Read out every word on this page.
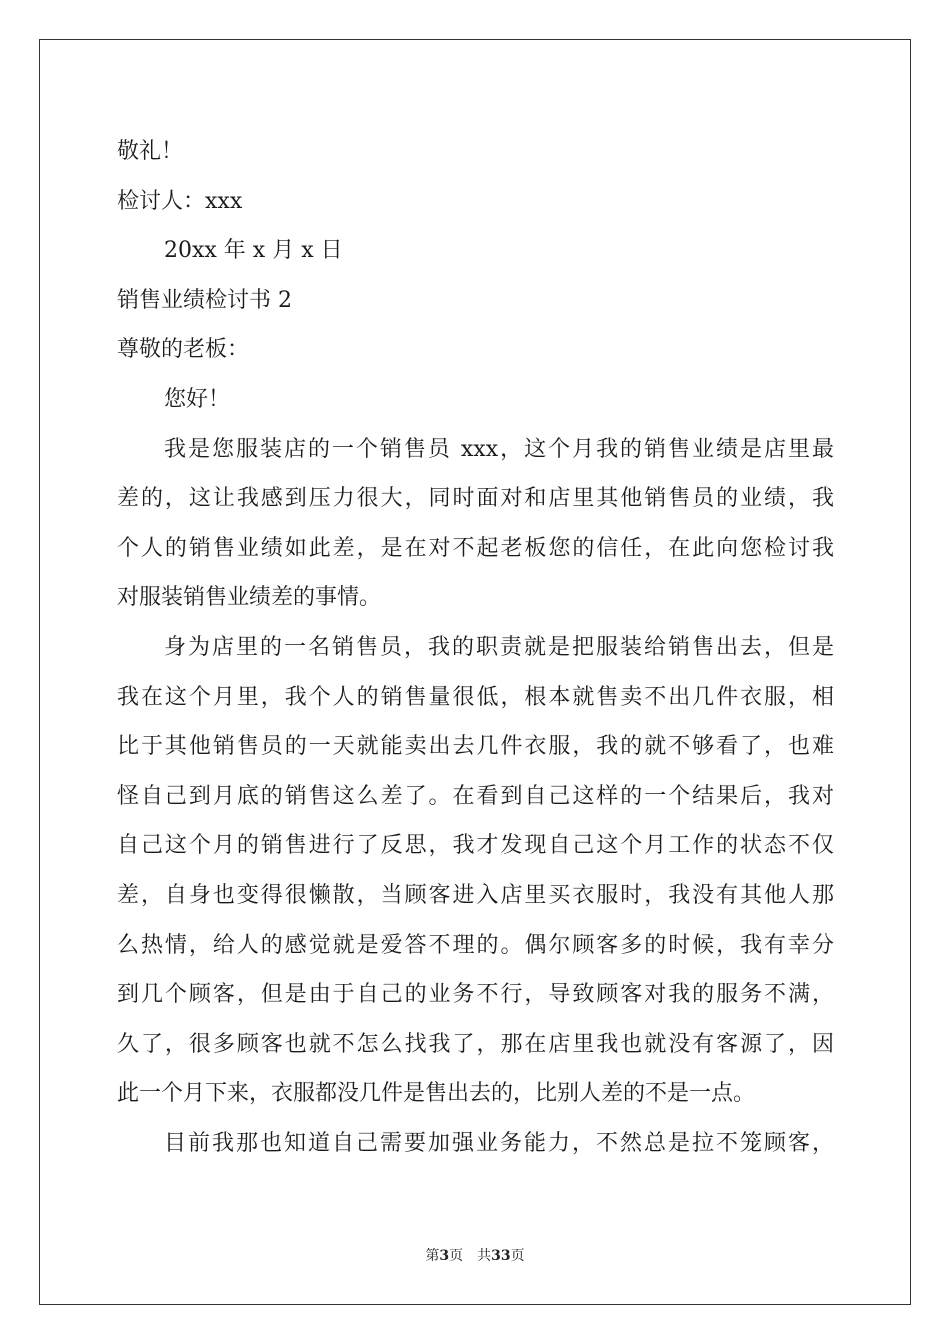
敬礼！
检讨人：xxx
20xx 年 x 月 x 日
销售业绩检讨书 2
尊敬的老板：
您好！
我是您服装店的一个销售员 xxx，这个月我的销售业绩是店里最
差的，这让我感到压力很大，同时面对和店里其他销售员的业绩，我
个人的销售业绩如此差，是在对不起老板您的信任，在此向您检讨我
对服装销售业绩差的事情。
身为店里的一名销售员，我的职责就是把服装给销售出去，但是
我在这个月里，我个人的销售量很低，根本就售卖不出几件衣服，相
比于其他销售员的一天就能卖出去几件衣服，我的就不够看了，也难
怪自己到月底的销售这么差了。在看到自己这样的一个结果后，我对
自己这个月的销售进行了反思，我才发现自己这个月工作的状态不仅
差，自身也变得很懒散，当顾客进入店里买衣服时，我没有其他人那
么热情，给人的感觉就是爱答不理的。偶尔顾客多的时候，我有幸分
到几个顾客，但是由于自己的业务不行，导致顾客对我的服务不满，
久了，很多顾客也就不怎么找我了，那在店里我也就没有客源了，因
此一个月下来，衣服都没几件是售出去的，比别人差的不是一点。
目前我那也知道自己需要加强业务能力，不然总是拉不笼顾客，
第3页 共33页
